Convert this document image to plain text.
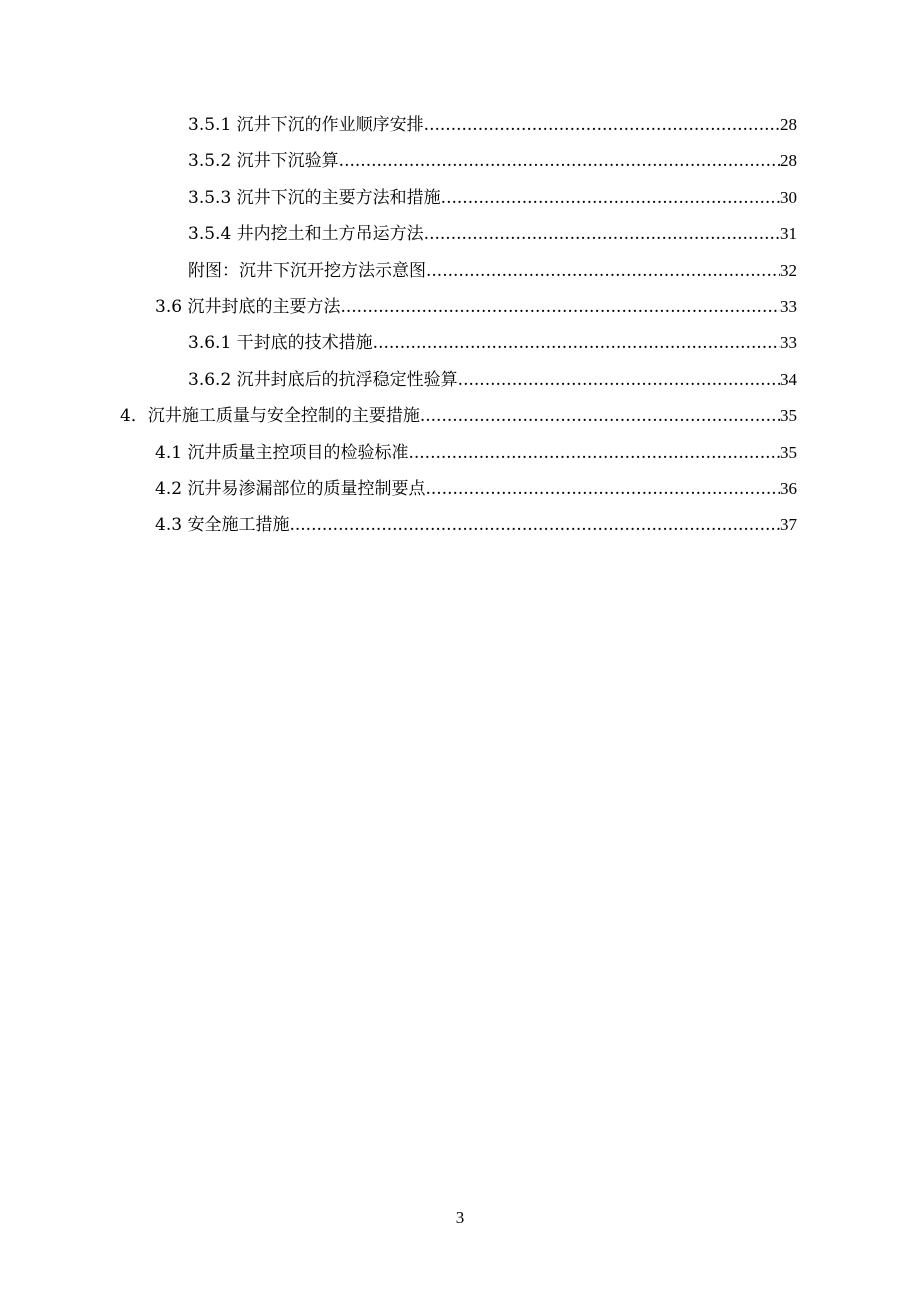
3.5.1 沉井下沉的作业顺序安排 .....	28
3.5.2 沉井下沉验算 .....	28
3.5.3 沉井下沉的主要方法和措施 .....	30
3.5.4 井内挖土和土方吊运方法 .....	31
附图：沉井下沉开挖方法示意图 .....	32
3.6 沉井封底的主要方法 .....	33
3.6.1 干封底的技术措施 .....	33
3.6.2 沉井封底后的抗浮稳定性验算 .....	34
4．沉井施工质量与安全控制的主要措施 .....	35
4.1 沉井质量主控项目的检验标准 .....	35
4.2 沉井易渗漏部位的质量控制要点 .....	36
4.3 安全施工措施 .....	37
3
